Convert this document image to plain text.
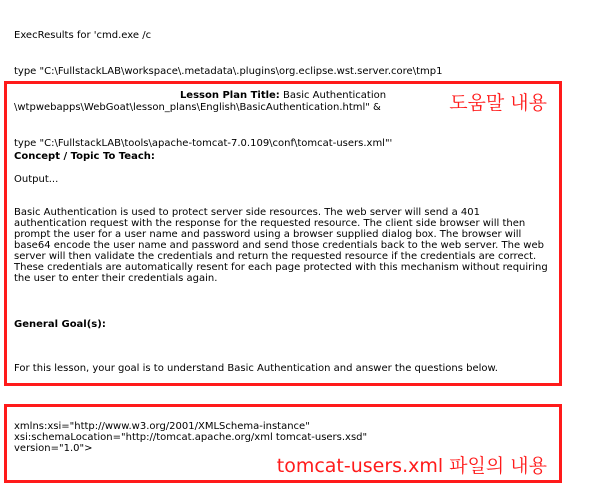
ExecResults for 'cmd.exe /c

type "C:\FullstackLAB\workspace\.metadata\.plugins\org.eclipse.wst.server.core\tmp1

\wtpwebapps\WebGoat\lesson_plans\English\BasicAuthentication.html" &

type "C:\FullstackLAB\tools\apache-tomcat-7.0.109\conf\tomcat-users.xml"'

Output...

Lesson Plan Title: Basic Authentication
Concept / Topic To Teach:
Basic Authentication is used to protect server side resources. The web server will send a 401 authentication request with the response for the requested resource. The client side browser will then prompt the user for a user name and password using a browser supplied dialog box. The browser will base64 encode the user name and password and send those credentials back to the web server. The web server will then validate the credentials and return the requested resource if the credentials are correct. These credentials are automatically resent for each page protected with this mechanism without requiring the user to enter their credentials again.
General Goal(s):
For this lesson, your goal is to understand Basic Authentication and answer the questions below.
도움말 내용
xmlns:xsi="http://www.w3.org/2001/XMLSchema-instance"
xsi:schemaLocation="http://tomcat.apache.org/xml tomcat-users.xsd"
version="1.0">
tomcat-users.xml 파일의 내용
